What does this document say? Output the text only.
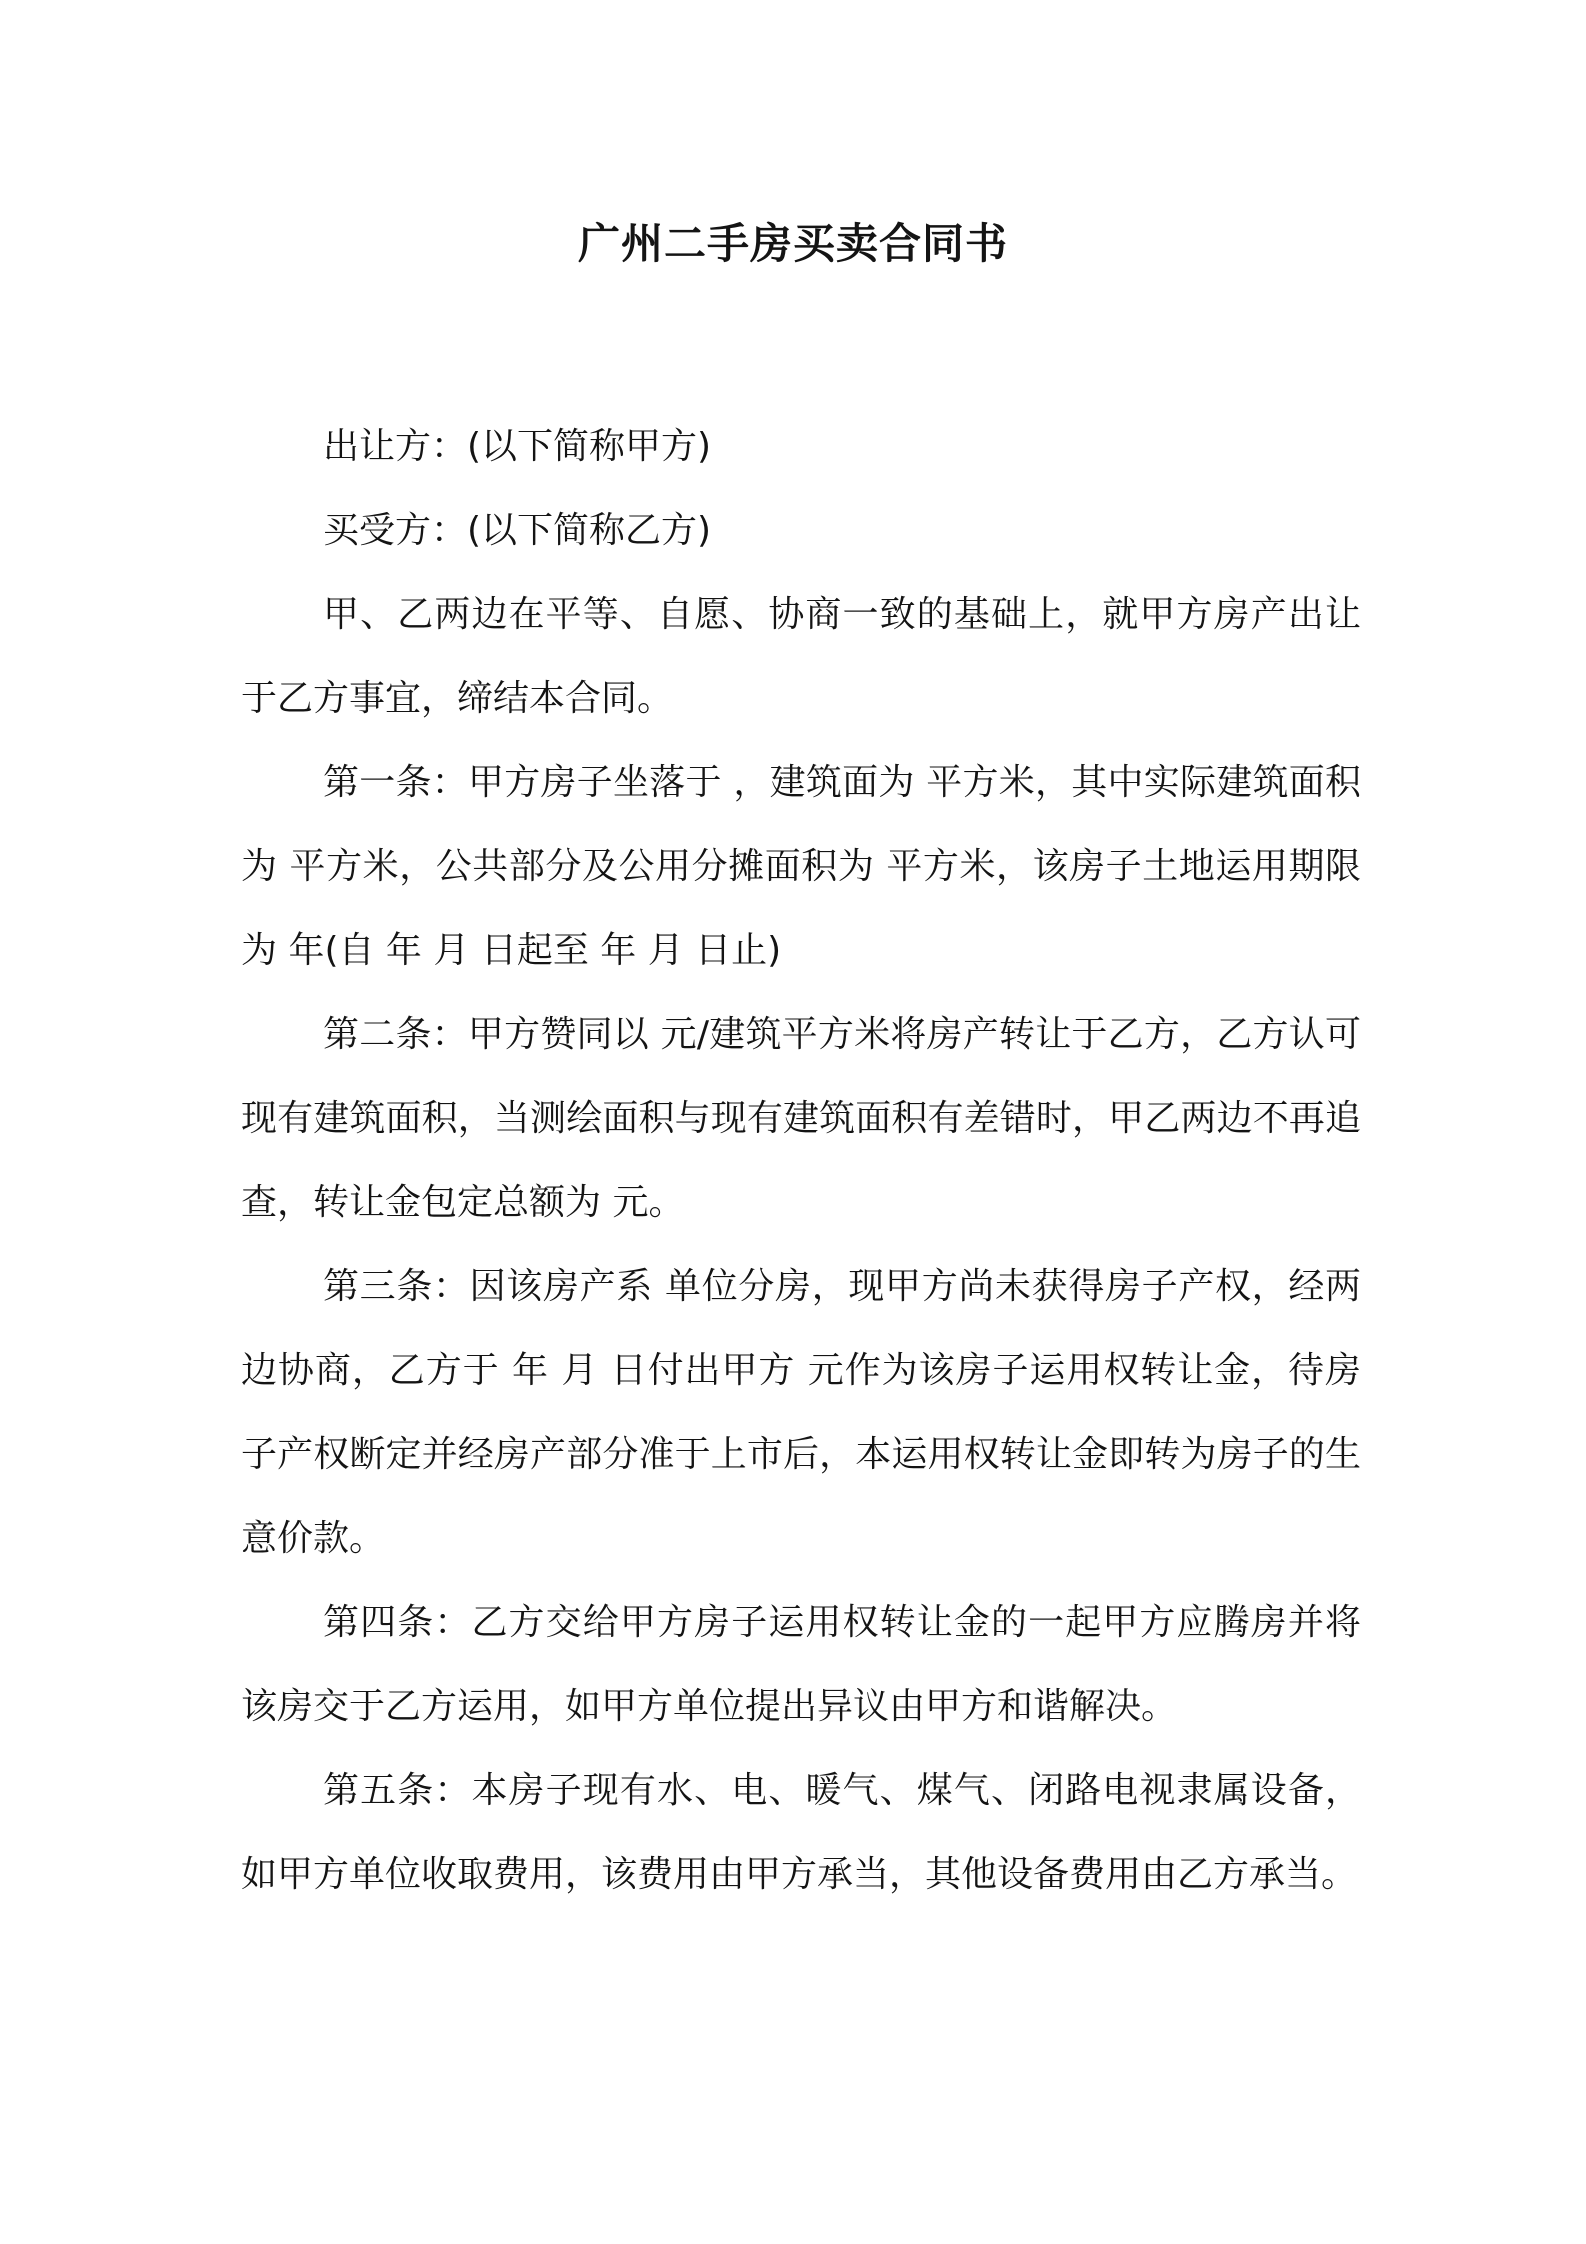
广州二手房买卖合同书

出让方：(以下简称甲方)

买受方：(以下简称乙方)

甲、乙两边在平等、自愿、协商一致的基础上，就甲方房产出让于乙方事宜，缔结本合同。

第一条：甲方房子坐落于 ，建筑面为 平方米，其中实际建筑面积为 平方米，公共部分及公用分摊面积为 平方米，该房子土地运用期限为 年(自 年 月 日起至 年 月 日止)

第二条：甲方赞同以 元/建筑平方米将房产转让于乙方，乙方认可现有建筑面积，当测绘面积与现有建筑面积有差错时，甲乙两边不再追查，转让金包定总额为 元。

第三条：因该房产系 单位分房，现甲方尚未获得房子产权，经两边协商，乙方于 年 月 日付出甲方 元作为该房子运用权转让金，待房子产权断定并经房产部分准于上市后，本运用权转让金即转为房子的生意价款。

第四条：乙方交给甲方房子运用权转让金的一起甲方应腾房并将该房交于乙方运用，如甲方单位提出异议由甲方和谐解决。

第五条：本房子现有水、电、暖气、煤气、闭路电视隶属设备，如甲方单位收取费用，该费用由甲方承当，其他设备费用由乙方承当。
